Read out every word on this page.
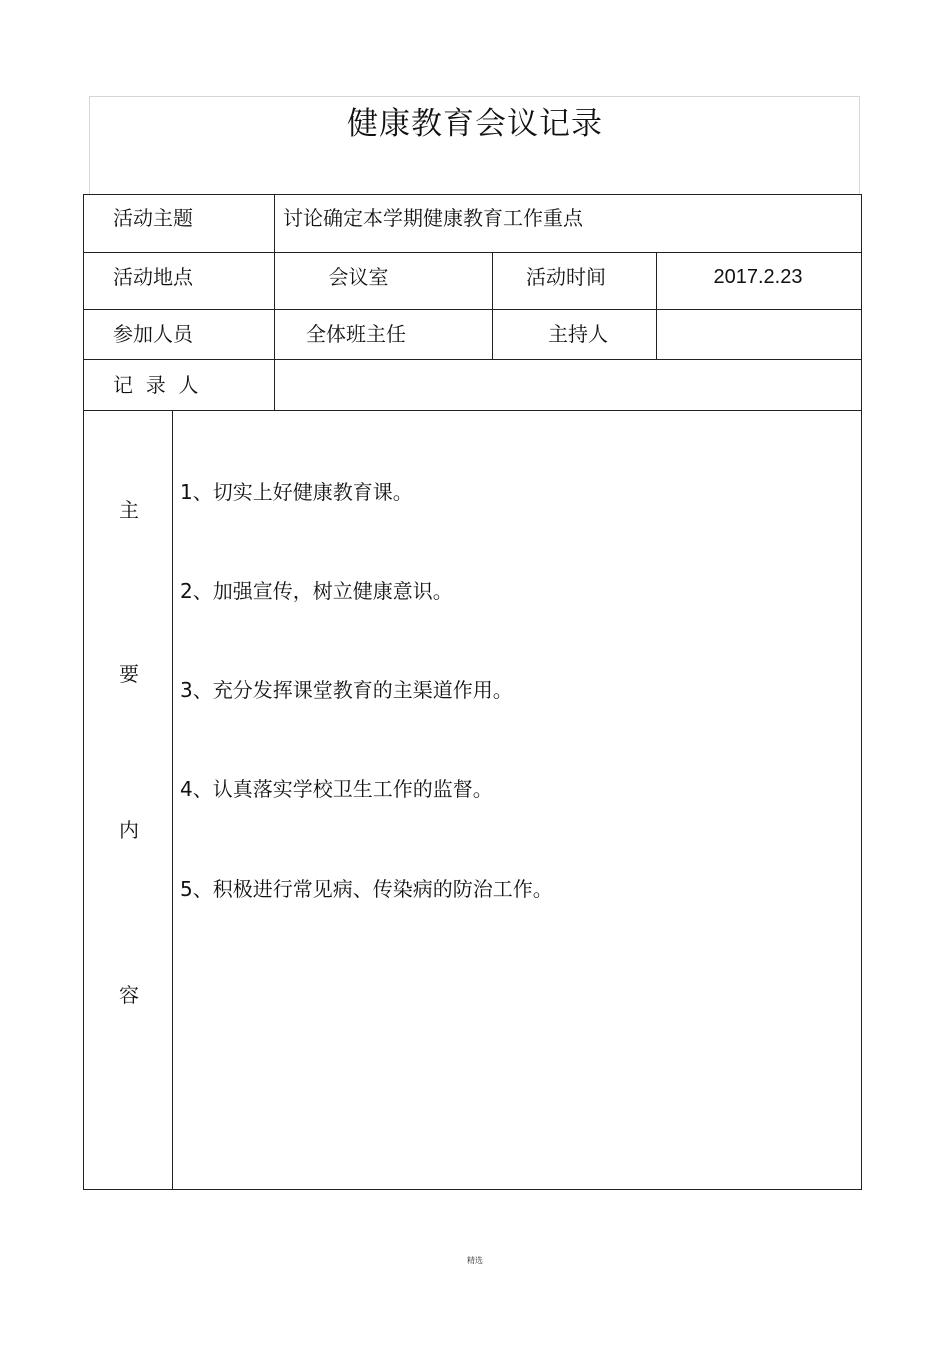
健康教育会议记录
活动主题	讨论确定本学期健康教育工作重点
活动地点	会议室	活动时间	2017.2.23
参加人员	全体班主任	主持人
记  录  人
主
要
内
容
1、切实上好健康教育课。
2、加强宣传，树立健康意识。
3、充分发挥课堂教育的主渠道作用。
4、认真落实学校卫生工作的监督。
5、积极进行常见病、传染病的防治工作。
精选
